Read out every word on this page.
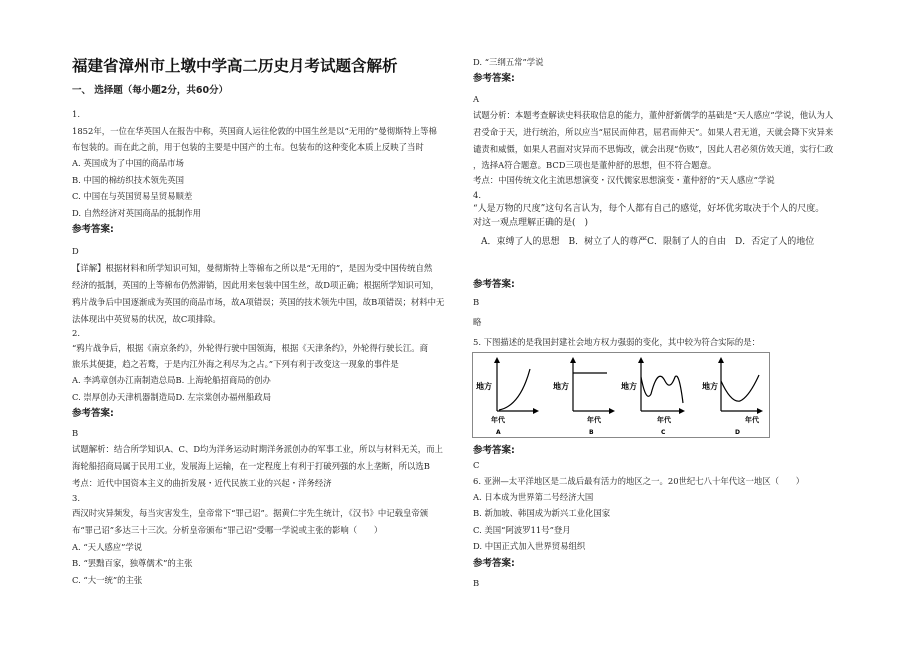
福建省漳州市上墩中学高二历史月考试题含解析
一、 选择题（每小题2分，共60分）
1.
1852年，一位在华英国人在报告中称，英国商人运往伦敦的中国生丝是以“无用的”曼彻斯特上等棉
布包装的。而在此之前，用于包装的主要是中国产的土布。包装布的这种变化本质上反映了当时
A. 英国成为了中国的商品市场
B. 中国的棉纺织技术领先英国
C. 中国在与英国贸易呈贸易顺差
D. 自然经济对英国商品的抵制作用
参考答案:
D
【详解】根据材料和所学知识可知，曼彻斯特上等棉布之所以是“无用的”，是因为受中国传统自然
经济的抵制，英国的上等棉布仍然滞销，因此用来包装中国生丝，故D项正确；根据所学知识可知，
鸦片战争后中国逐渐成为英国的商品市场，故A项错误；英国的技术领先中国，故B项错误；材料中无
法体现出中英贸易的状况，故C项排除。
2.
“鸦片战争后，根据《南京条约》，外轮得行驶中国领海，根据《天津条约》，外轮得行驶长江。商
旅乐其便捷，趋之若鹜，于是内江外海之利尽为之占。”下列有利于改变这一现象的事件是
A. 李鸿章创办江南制造总局B. 上海轮船招商局的创办
C. 崇厚创办天津机器制造局D. 左宗棠创办福州船政局
参考答案:
B
试题解析：结合所学知识A、C、D均为洋务运动时期洋务派创办的军事工业，所以与材料无关，而上
海轮船招商局属于民用工业，发展海上运输，在一定程度上有利于打破列强的水上垄断，所以选B
考点：近代中国资本主义的曲折发展・近代民族工业的兴起・洋务经济
3.
西汉时灾异频发，每当灾害发生，皇帝常下“罪己诏”。据黄仁宇先生统计，《汉书》中记载皇帝颁
布“罪己诏”多达三十三次。分析皇帝颁布“罪己诏”受哪一学说或主张的影响（　　）
A. “天人感应”学说
B. “罢黜百家，独尊儒术”的主张
C. “大一统”的主张
D. “三纲五常”学说
参考答案:
A
试题分析：本题考查解读史料获取信息的能力，董仲舒新儒学的基础是“天人感应”学说，他认为人
君受命于天，进行统治，所以应当“屈民而伸君，屈君而伸天”。如果人君无道，天就会降下灾异来
谴责和威慑，如果人君面对灾异而不思悔改，就会出现“伤败”，因此人君必须仿效天道，实行仁政
，选择A符合题意。BCD三项也是董仲舒的思想，但不符合题意。
考点：中国传统文化主流思想演变・汉代儒家思想演变・董仲舒的“天人感应”学说
4.
“人是万物的尺度”这句名言认为，每个人都有自己的感觉，好坏优劣取决于个人的尺度。
对这一观点理解正确的是(　)
A．束缚了人的思想　B．树立了人的尊严C．限制了人的自由　D．否定了人的地位
参考答案:
B
略
5. 下图描述的是我国封建社会地方权力强弱的变化，其中较为符合实际的是：
地方
年代
A
地方
年代
B
地方
年代
C
地方
年代
D
参考答案:
C
6. 亚洲—太平洋地区是二战后最有活力的地区之一。20世纪七八十年代这一地区（　　）
A. 日本成为世界第二号经济大国
B. 新加坡、韩国成为新兴工业化国家
C. 美国“阿波罗11号”登月
D. 中国正式加入世界贸易组织
参考答案:
B
